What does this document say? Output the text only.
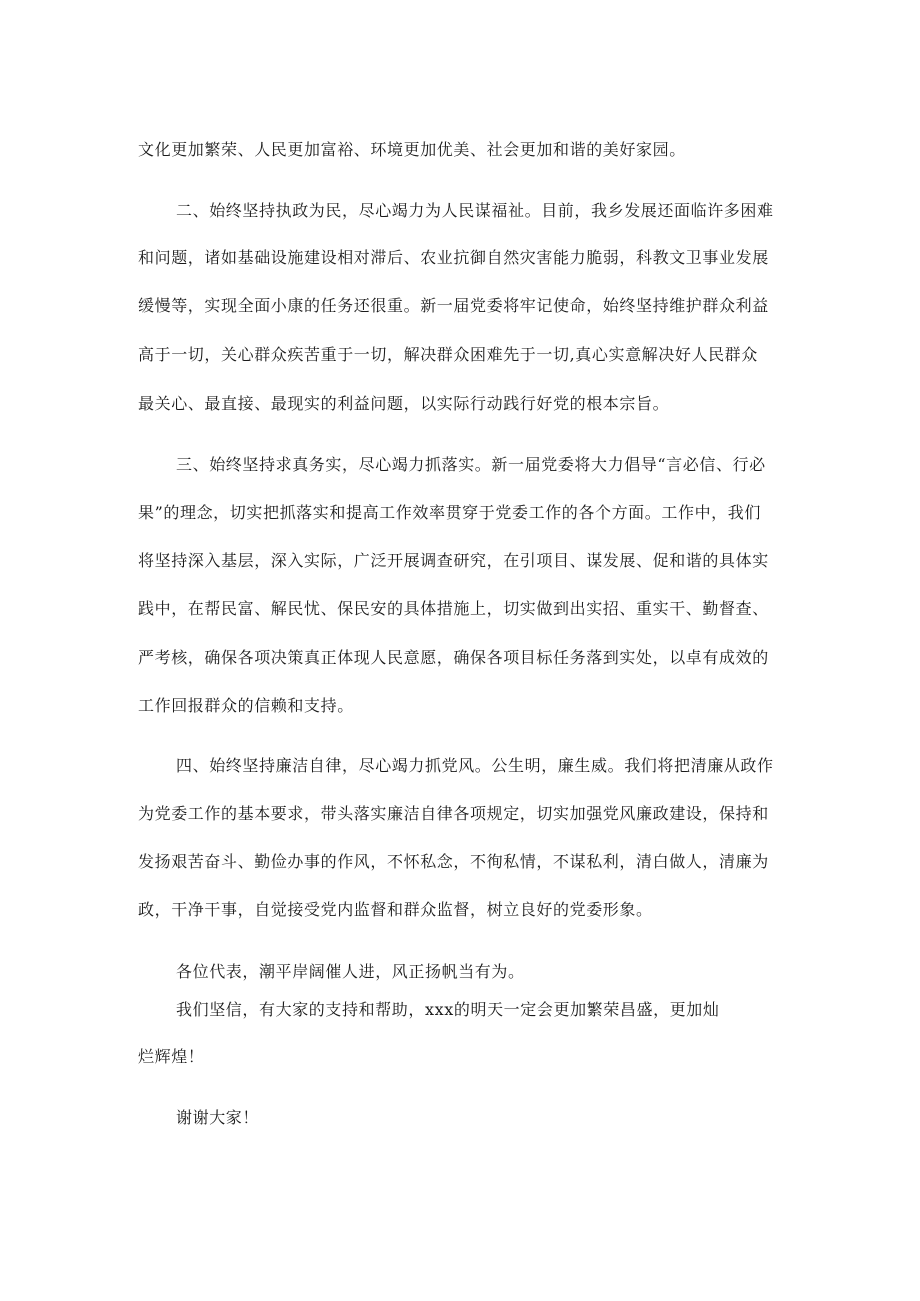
文化更加繁荣、人民更加富裕、环境更加优美、社会更加和谐的美好家园。
二、始终坚持执政为民，尽心竭力为人民谋福祉。目前，我乡发展还面临许多困难
和问题，诸如基础设施建设相对滞后、农业抗御自然灾害能力脆弱，科教文卫事业发展
缓慢等，实现全面小康的任务还很重。新一届党委将牢记使命，始终坚持维护群众利益
高于一切，关心群众疾苦重于一切，解决群众困难先于一切,真心实意解决好人民群众
最关心、最直接、最现实的利益问题，以实际行动践行好党的根本宗旨。
三、始终坚持求真务实，尽心竭力抓落实。新一届党委将大力倡导“言必信、行必
果”的理念，切实把抓落实和提高工作效率贯穿于党委工作的各个方面。工作中，我们
将坚持深入基层，深入实际，广泛开展调查研究，在引项目、谋发展、促和谐的具体实
践中，在帮民富、解民忧、保民安的具体措施上，切实做到出实招、重实干、勤督查、
严考核，确保各项决策真正体现人民意愿，确保各项目标任务落到实处，以卓有成效的
工作回报群众的信赖和支持。
四、始终坚持廉洁自律，尽心竭力抓党风。公生明，廉生威。我们将把清廉从政作
为党委工作的基本要求，带头落实廉洁自律各项规定，切实加强党风廉政建设，保持和
发扬艰苦奋斗、勤俭办事的作风，不怀私念，不徇私情，不谋私利，清白做人，清廉为
政，干净干事，自觉接受党内监督和群众监督，树立良好的党委形象。
各位代表，潮平岸阔催人进，风正扬帆当有为。
我们坚信，有大家的支持和帮助，xxx的明天一定会更加繁荣昌盛，更加灿
烂辉煌！
谢谢大家！
